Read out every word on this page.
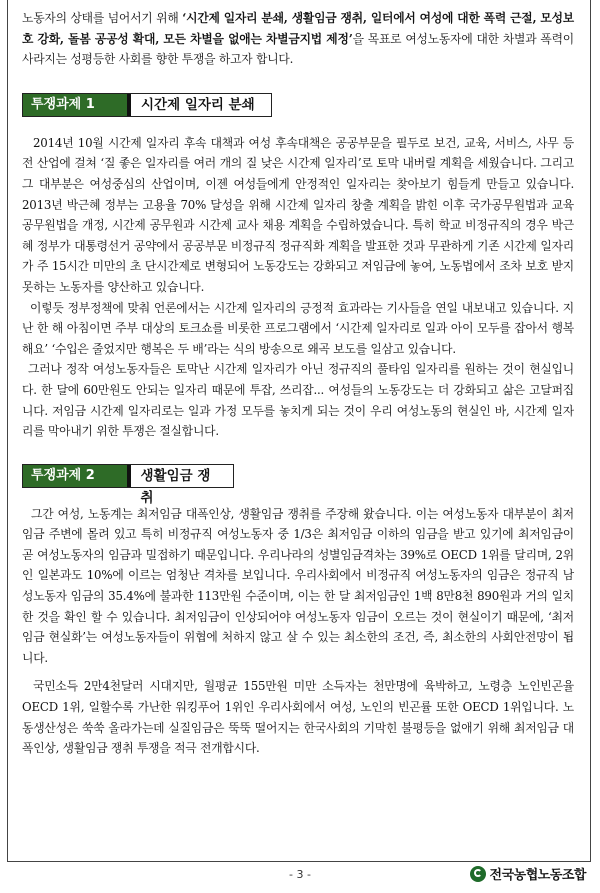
노동자의 상태를 넘어서기 위해 ‘시간제 일자리 분쇄, 생활임금 쟁취, 일터에서 여성에 대한 폭력 근절, 모성보호 강화, 돌봄 공공성 확대, 모든 차별을 없애는 차별금지법 제정’을 목표로 여성노동자에 대한 차별과 폭력이 사라지는 성평등한 사회를 향한 투쟁을 하고자 합니다.

투쟁과제 1	시간제 일자리 분쇄

2014년 10월 시간제 일자리 후속 대책과 여성 후속대책은 공공부문을 필두로 보건, 교육, 서비스, 사무 등 전 산업에 걸쳐 ‘질 좋은 일자리를 여러 개의 질 낮은 시간제 일자리’로 토막 내버릴 계획을 세웠습니다. 그리고 그 대부분은 여성중심의 산업이며, 이젠 여성들에게 안정적인 일자리는 찾아보기 힘들게 만들고 있습니다. 2013년 박근혜 정부는 고용율 70% 달성을 위해 시간제 일자리 창출 계획을 밝힌 이후 국가공무원법과 교육공무원법을 개정, 시간제 공무원과 시간제 교사 채용 계획을 수립하였습니다. 특히 학교 비정규직의 경우 박근혜 정부가 대통령선거 공약에서 공공부문 비정규직 정규직화 계획을 발표한 것과 무관하게 기존 시간제 일자리가 주 15시간 미만의 초 단시간제로 변형되어 노동강도는 강화되고 저임금에 놓여, 노동법에서 조차 보호 받지 못하는 노동자를 양산하고 있습니다.

이렇듯 정부정책에 맞춰 언론에서는 시간제 일자리의 긍정적 효과라는 기사들을 연일 내보내고 있습니다. 지난 한 해 아침이면 주부 대상의 토크쇼를 비롯한 프로그램에서 ‘시간제 일자리로 일과 아이 모두를 잡아서 행복해요’ ‘수입은 줄었지만 행복은 두 배’라는 식의 방송으로 왜곡 보도를 일삼고 있습니다.

그러나 정작 여성노동자들은 토막난 시간제 일자리가 아닌 정규직의 풀타임 일자리를 원하는 것이 현실입니다. 한 달에 60만원도 안되는 일자리 때문에 투잡, 쓰리잡... 여성들의 노동강도는 더 강화되고 삶은 고달퍼집니다. 저임금 시간제 일자리로는 일과 가정 모두를 놓치게 되는 것이 우리 여성노동의 현실인 바, 시간제 일자리를 막아내기 위한 투쟁은 절실합니다.

투쟁과제 2	생활임금 쟁취

그간 여성, 노동계는 최저임금 대폭인상, 생활임금 쟁취를 주장해 왔습니다. 이는 여성노동자 대부분이 최저임금 주변에 몰려 있고 특히 비정규직 여성노동자 중 1/3은 최저임금 이하의 임금을 받고 있기에 최저임금이 곧 여성노동자의 임금과 밀접하기 때문입니다. 우리나라의 성별임금격차는 39%로 OECD 1위를 달리며, 2위인 일본과도 10%에 이르는 엄청난 격차를 보입니다. 우리사회에서 비정규직 여성노동자의 임금은 정규직 남성노동자 임금의 35.4%에 불과한 113만원 수준이며, 이는 한 달 최저임금인 1백 8만8천 890원과 거의 일치한 것을 확인 할 수 있습니다. 최저임금이 인상되어야 여성노동자 임금이 오르는 것이 현실이기 때문에, ‘최저임금 현실화’는 여성노동자들이 위협에 처하지 않고 살 수 있는 최소한의 조건, 즉, 최소한의 사회안전망이 됩니다.

국민소득 2만4천달러 시대지만, 월평균 155만원 미만 소득자는 천만명에 육박하고, 노령층 노인빈곤율 OECD 1위, 일할수록 가난한 워킹푸어 1위인 우리사회에서 여성, 노인의 빈곤률 또한 OECD 1위입니다. 노동생산성은 쑥쑥 올라가는데 실질임금은 뚝뚝 떨어지는 한국사회의 기막힌 불평등을 없애기 위해 최저임금 대폭인상, 생활임금 쟁취 투쟁을 적극 전개합시다.

- 3 -	전국농협노동조합
